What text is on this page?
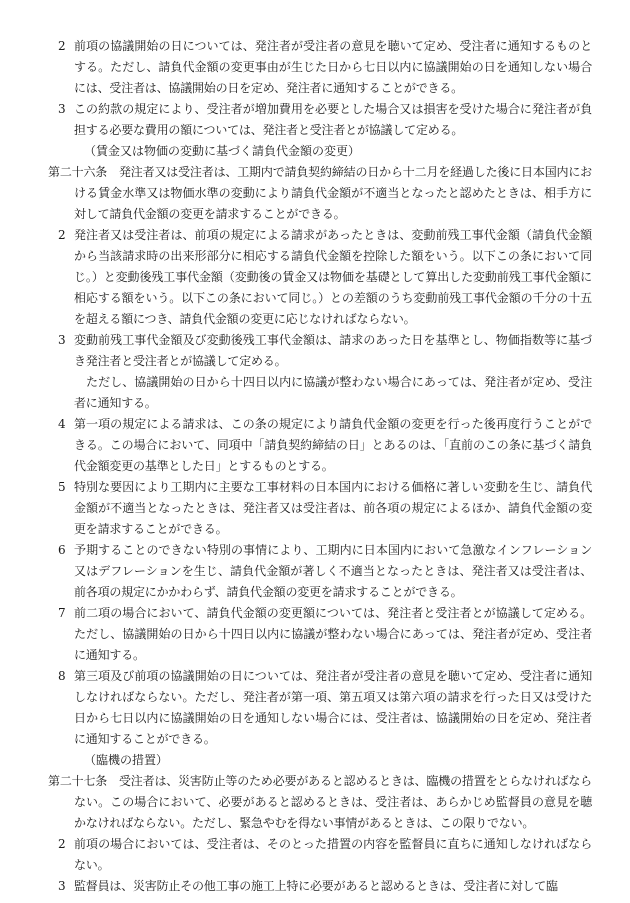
2 前項の協議開始の日については、発注者が受注者の意見を聴いて定め、受注者に通知するものとする。ただし、請負代金額の変更事由が生じた日から七日以内に協議開始の日を通知しない場合には、受注者は、協議開始の日を定め、発注者に通知することができる。
3 この約款の規定により、受注者が増加費用を必要とした場合又は損害を受けた場合に発注者が負担する必要な費用の額については、発注者と受注者とが協議して定める。
（賃金又は物価の変動に基づく請負代金額の変更）

第二十六条　 発注者又は受注者は、工期内で請負契約締結の日から十二月を経過した後に日本国内における賃金水準又は物価水準の変動により請負代金額が不適当となったと認めたときは、相手方に対して請負代金額の変更を請求することができる。

2 発注者又は受注者は、前項の規定による請求があったときは、変動前残工事代金額（請負代金額から当該請求時の出来形部分に相応する請負代金額を控除した額をいう。以下この条において同じ。）と変動後残工事代金額（変動後の賃金又は物価を基礎として算出した変動前残工事代金額に相応する額をいう。以下この条において同じ。）との差額のうち変動前残工事代金額の千分の十五を超える額につき、請負代金額の変更に応じなければならない。
3 変動前残工事代金額及び変動後残工事代金額は、請求のあった日を基準とし、物価指数等に基づき発注者と受注者とが協議して定める。

ただし、協議開始の日から十四日以内に協議が整わない場合にあっては、発注者が定め、受注者に通知する。

4 第一項の規定による請求は、この条の規定により請負代金額の変更を行った後再度行うことができる。この場合において、同項中「請負契約締結の日」とあるのは、「直前のこの条に基づく請負代金額変更の基準とした日」とするものとする。
5 特別な要因により工期内に主要な工事材料の日本国内における価格に著しい変動を生じ、請負代金額が不適当となったときは、発注者又は受注者は、前各項の規定によるほか、請負代金額の変更を請求することができる。
6 予期することのできない特別の事情により、工期内に日本国内において急激なインフレーション又はデフレーションを生じ、請負代金額が著しく不適当となったときは、発注者又は受注者は、前各項の規定にかかわらず、請負代金額の変更を請求することができる。
7 前二項の場合において、請負代金額の変更額については、発注者と受注者とが協議して定める。ただし、協議開始の日から十四日以内に協議が整わない場合にあっては、発注者が定め、受注者に通知する。
8 第三項及び前項の協議開始の日については、発注者が受注者の意見を聴いて定め、受注者に通知しなければならない。ただし、発注者が第一項、第五項又は第六項の請求を行った日又は受けた日から七日以内に協議開始の日を通知しない場合には、受注者は、協議開始の日を定め、発注者に通知することができる。
（臨機の措置）

第二十七条　 受注者は、災害防止等のため必要があると認めるときは、臨機の措置をとらなければならない。この場合において、必要があると認めるときは、受注者は、あらかじめ監督員の意見を聴かなければならない。ただし、緊急やむを得ない事情があるときは、この限りでない。

2 前項の場合においては、受注者は、そのとった措置の内容を監督員に直ちに通知しなければならない。
3 監督員は、災害防止その他工事の施工上特に必要があると認めるときは、受注者に対して臨
